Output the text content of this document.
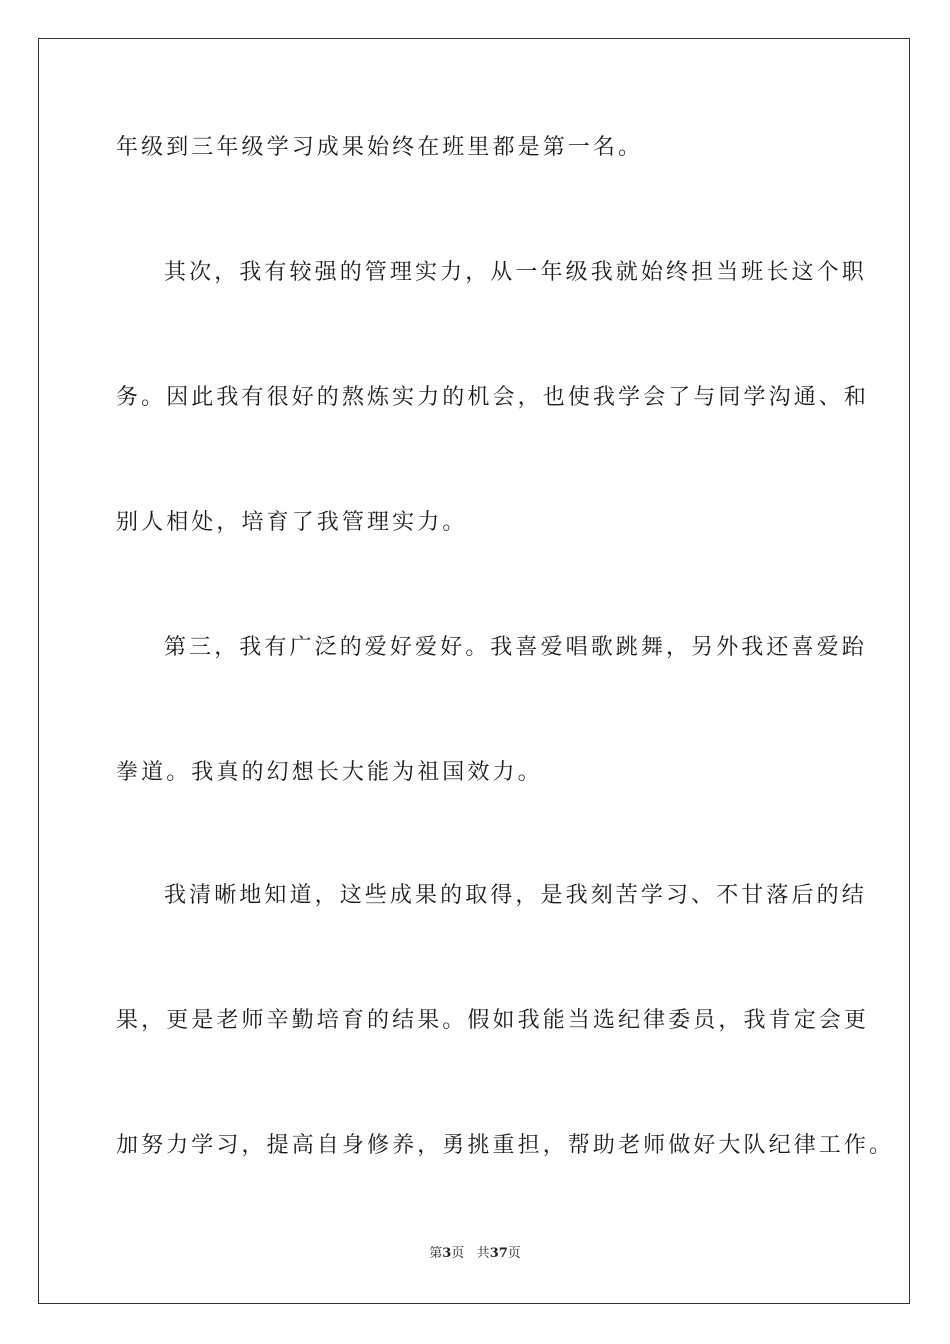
年级到三年级学习成果始终在班里都是第一名。
其次，我有较强的管理实力，从一年级我就始终担当班长这个职
务。因此我有很好的熬炼实力的机会，也使我学会了与同学沟通、和
别人相处，培育了我管理实力。
第三，我有广泛的爱好爱好。我喜爱唱歌跳舞，另外我还喜爱跆
拳道。我真的幻想长大能为祖国效力。
我清晰地知道，这些成果的取得，是我刻苦学习、不甘落后的结
果，更是老师辛勤培育的结果。假如我能当选纪律委员，我肯定会更
加努力学习，提高自身修养，勇挑重担，帮助老师做好大队纪律工作。
第3页 共37页
